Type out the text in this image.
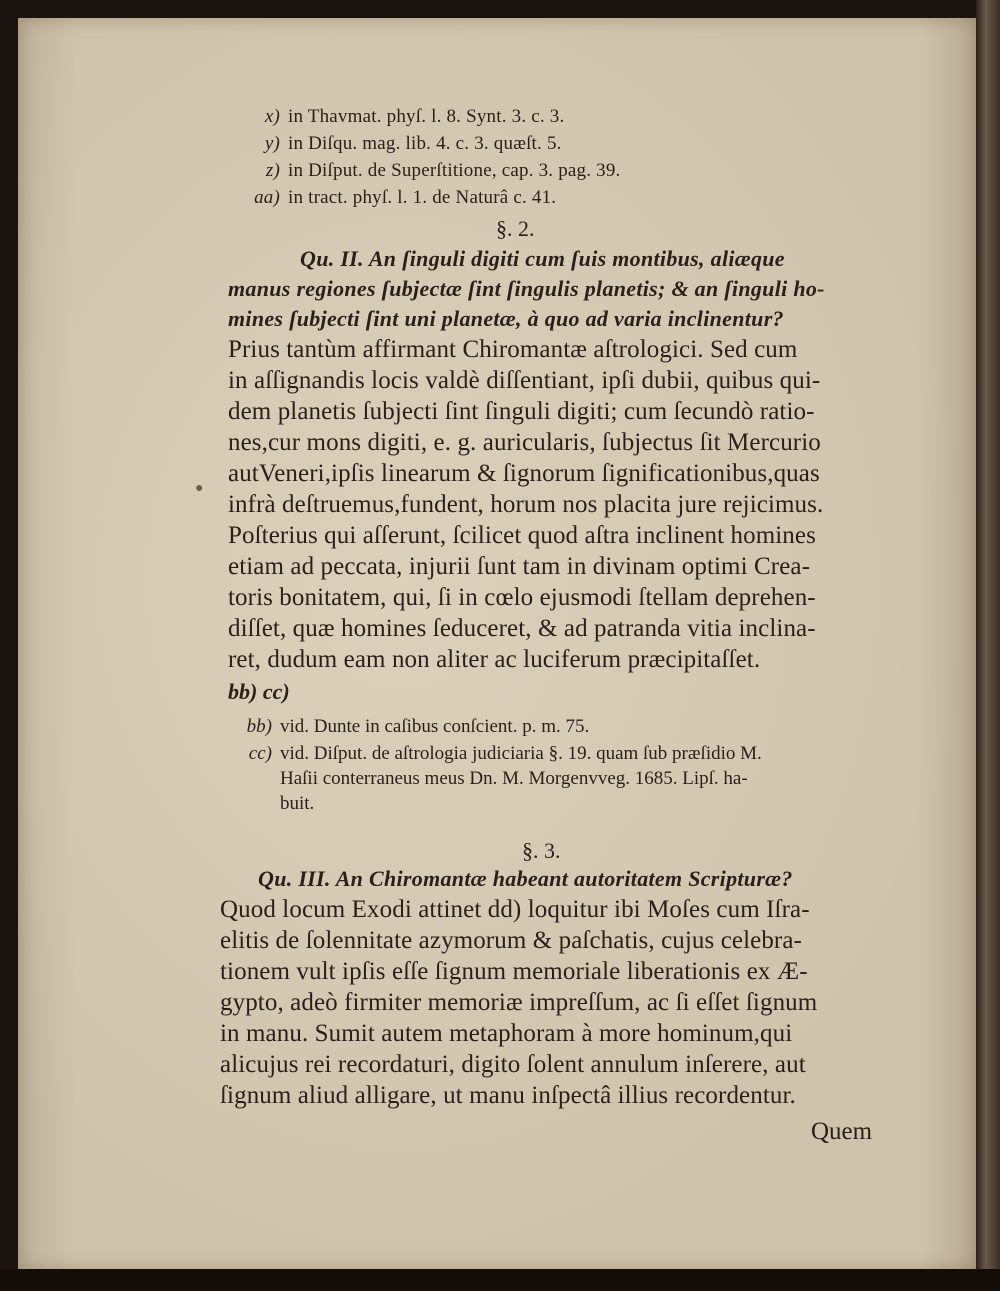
x) in Thavmat. phyſ. l. 8. Synt. 3. c. 3.
y) in Diſqu. mag. lib. 4. c. 3. quæſt. 5.
z) in Diſput. de Superſtitione, cap. 3. pag. 39.
aa) in tract. phyſ. l. 1. de Naturâ c. 41.
§. 2.
Qu. II. An ſinguli digiti cum ſuis montibus, aliæque
manus regiones ſubjectæ ſint ſingulis planetis; & an ſinguli ho-
mines ſubjecti ſint uni planetæ, à quo ad varia inclinentur?
Prius tantùm affirmant Chiromantæ aſtrologici. Sed cum
in aſſignandis locis valdè diſſentiant, ipſi dubii, quibus qui-
dem planetis ſubjecti ſint ſinguli digiti; cum ſecundò ratio-
nes,cur mons digiti, e. g. auricularis, ſubjectus ſit Mercurio
autVeneri,ipſis linearum & ſignorum ſignificationibus,quas
infrà deſtruemus,fundent, horum nos placita jure rejicimus.
Poſterius qui aſſerunt, ſcilicet quod aſtra inclinent homines
etiam ad peccata, injurii ſunt tam in divinam optimi Crea-
toris bonitatem, qui, ſi in cœlo ejusmodi ſtellam deprehen-
diſſet, quæ homines ſeduceret, & ad patranda vitia inclina-
ret, dudum eam non aliter ac luciferum præcipitaſſet.
bb) cc)
bb) vid. Dunte in caſibus conſcient. p. m. 75.
cc) vid. Diſput. de aſtrologia judiciaria §. 19. quam ſub præſidio M.
Haſii conterraneus meus Dn. M. Morgenvveg. 1685. Lipſ. ha-
buit.
§. 3.
Qu. III. An Chiromantæ habeant autoritatem Scripturæ?
Quod locum Exodi attinet dd) loquitur ibi Moſes cum Iſra-
elitis de ſolennitate azymorum & paſchatis, cujus celebra-
tionem vult ipſis eſſe ſignum memoriale liberationis ex Æ-
gypto, adeò firmiter memoriæ impreſſum, ac ſi eſſet ſignum
in manu. Sumit autem metaphoram à more hominum,qui
alicujus rei recordaturi, digito ſolent annulum inſerere, aut
ſignum aliud alligare, ut manu inſpectâ illius recordentur.
Quem
●
